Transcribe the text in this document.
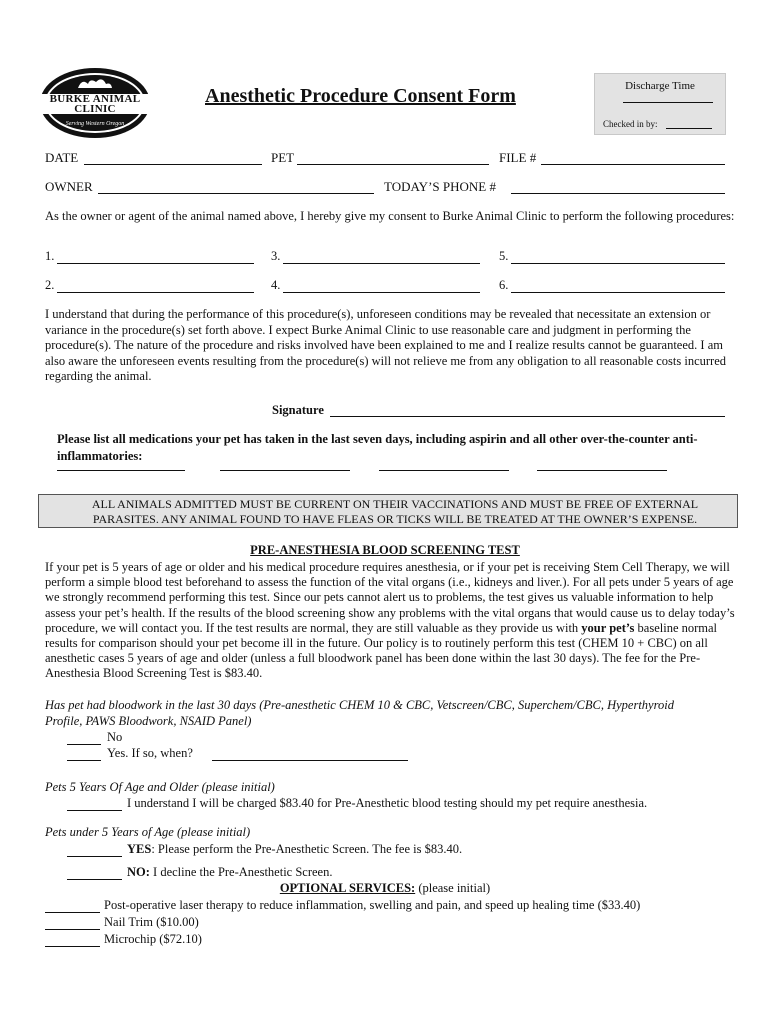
BURKE ANIMAL
CLINIC
Serving Western Oregon
Anesthetic Procedure Consent Form	Discharge Time
Checked in by:
DATE	PET	FILE #
OWNER	TODAY’S PHONE #
As the owner or agent of the animal named above, I hereby give my consent to Burke Animal Clinic to perform the following procedures:
1.	3.	5.
2.	4.	6.
I understand that during the performance of this procedure(s), unforeseen conditions may be revealed that necessitate an extension or variance in the procedure(s) set forth above. I expect Burke Animal Clinic to use reasonable care and judgment in performing the procedure(s). The nature of the procedure and risks involved have been explained to me and I realize results cannot be guaranteed. I am also aware the unforeseen events resulting from the procedure(s) will not relieve me from any obligation to all reasonable costs incurred regarding the animal.
Signature
Please list all medications your pet has taken in the last seven days, including aspirin and all other over-the-counter anti-inflammatories:
ALL ANIMALS ADMITTED MUST BE CURRENT ON THEIR VACCINATIONS AND MUST BE FREE OF EXTERNAL PARASITES. ANY ANIMAL FOUND TO HAVE FLEAS OR TICKS WILL BE TREATED AT THE OWNER’S EXPENSE.
PRE-ANESTHESIA BLOOD SCREENING TEST
If your pet is 5 years of age or older and his medical procedure requires anesthesia, or if your pet is receiving Stem Cell Therapy, we will perform a simple blood test beforehand to assess the function of the vital organs (i.e., kidneys and liver.). For all pets under 5 years of age we strongly recommend performing this test. Since our pets cannot alert us to problems, the test gives us valuable information to help assess your pet’s health. If the results of the blood screening show any problems with the vital organs that would cause us to delay today’s procedure, we will contact you. If the test results are normal, they are still valuable as they provide us with your pet’s baseline normal results for comparison should your pet become ill in the future. Our policy is to routinely perform this test (CHEM 10 + CBC) on all anesthetic cases 5 years of age and older (unless a full bloodwork panel has been done within the last 30 days). The fee for the Pre-Anesthesia Blood Screening Test is $83.40.
Has pet had bloodwork in the last 30 days (Pre-anesthetic CHEM 10 & CBC, Vetscreen/CBC, Superchem/CBC, Hyperthyroid Profile, PAWS Bloodwork, NSAID Panel)
No
Yes. If so, when?
Pets 5 Years Of Age and Older (please initial)
I understand I will be charged $83.40 for Pre-Anesthetic blood testing should my pet require anesthesia.
Pets under 5 Years of Age (please initial)
YES: Please perform the Pre-Anesthetic Screen. The fee is $83.40.
NO: I decline the Pre-Anesthetic Screen.
OPTIONAL SERVICES: (please initial)
Post-operative laser therapy to reduce inflammation, swelling and pain, and speed up healing time ($33.40)
Nail Trim ($10.00)
Microchip ($72.10)
